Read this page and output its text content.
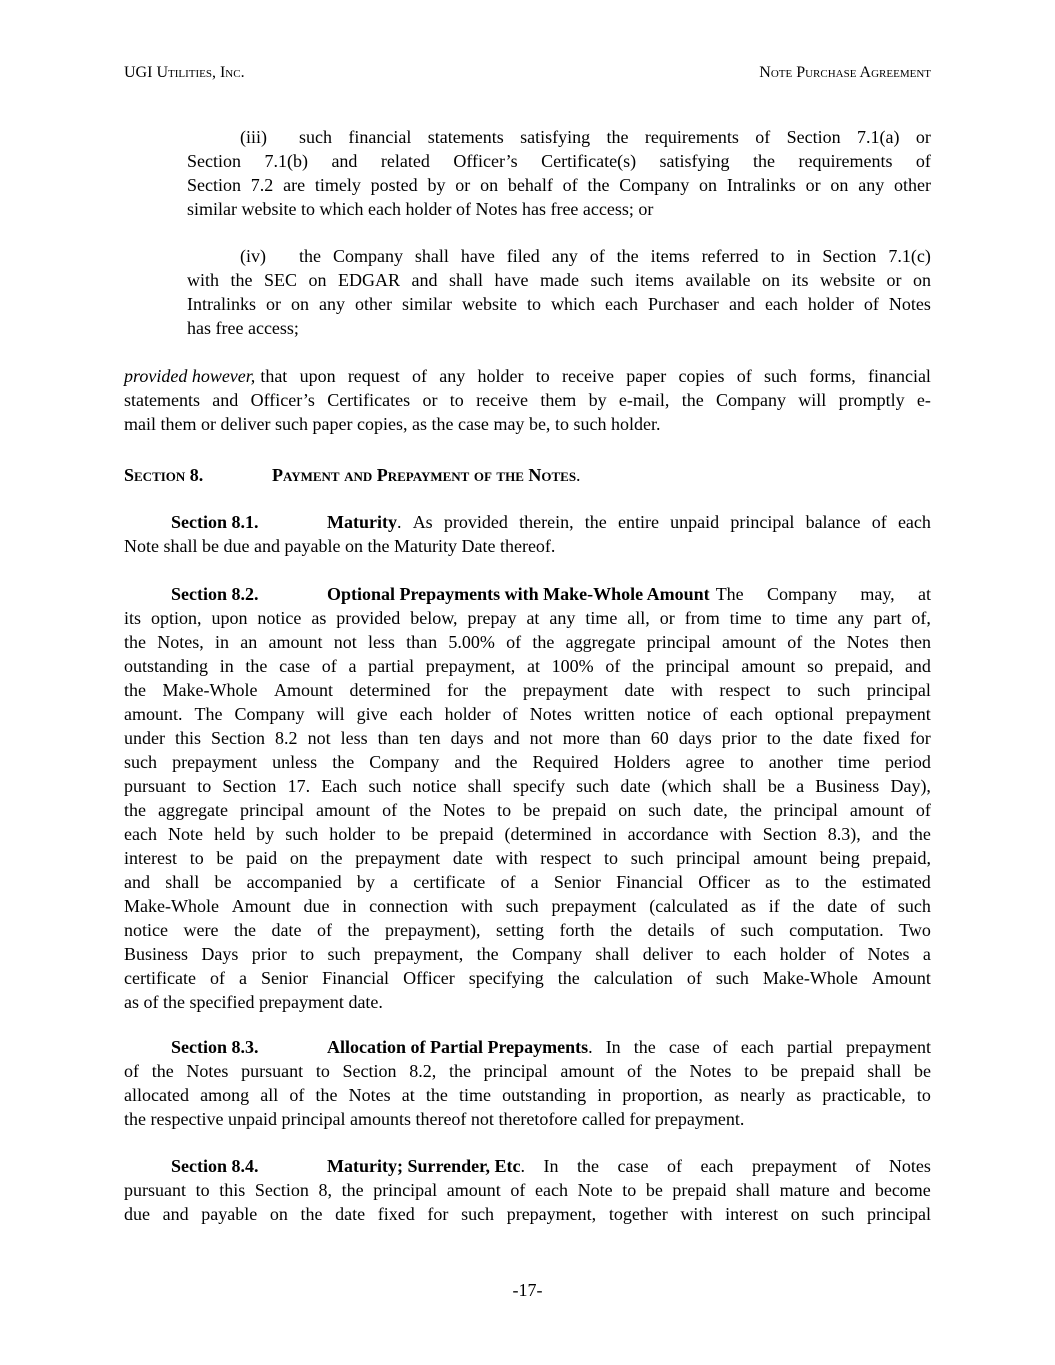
UGI Utilities, Inc.	Note Purchase Agreement
(iii)	such financial statements satisfying the requirements of Section 7.1(a) or
Section 7.1(b) and related Officer’s Certificate(s) satisfying the requirements of
Section 7.2 are timely posted by or on behalf of the Company on Intralinks or on any other
similar website to which each holder of Notes has free access; or
(iv)	the Company shall have filed any of the items referred to in Section 7.1(c)
with the SEC on EDGAR and shall have made such items available on its website or on
Intralinks or on any other similar website to which each Purchaser and each holder of Notes
has free access;
provided however, that upon request of any holder to receive paper copies of such forms, financial
statements and Officer’s Certificates or to receive them by e-mail, the Company will promptly e-
mail them or deliver such paper copies, as the case may be, to such holder.
Section 8.	Payment and Prepayment of the Notes.
Section 8.1.	Maturity . As provided therein, the entire unpaid principal balance of each
Note shall be due and payable on the Maturity Date thereof.
Section 8.2.	Optional Prepayments with Make-Whole Amount The Company may, at
its option, upon notice as provided below, prepay at any time all, or from time to time any part of,
the Notes, in an amount not less than 5.00% of the aggregate principal amount of the Notes then
outstanding in the case of a partial prepayment, at 100% of the principal amount so prepaid, and
the Make-Whole Amount determined for the prepayment date with respect to such principal
amount. The Company will give each holder of Notes written notice of each optional prepayment
under this Section 8.2 not less than ten days and not more than 60 days prior to the date fixed for
such prepayment unless the Company and the Required Holders agree to another time period
pursuant to Section 17. Each such notice shall specify such date (which shall be a Business Day),
the aggregate principal amount of the Notes to be prepaid on such date, the principal amount of
each Note held by such holder to be prepaid (determined in accordance with Section 8.3), and the
interest to be paid on the prepayment date with respect to such principal amount being prepaid,
and shall be accompanied by a certificate of a Senior Financial Officer as to the estimated
Make-Whole Amount due in connection with such prepayment (calculated as if the date of such
notice were the date of the prepayment), setting forth the details of such computation. Two
Business Days prior to such prepayment, the Company shall deliver to each holder of Notes a
certificate of a Senior Financial Officer specifying the calculation of such Make-Whole Amount
as of the specified prepayment date.
Section 8.3.	Allocation of Partial Prepayments . In the case of each partial prepayment
of the Notes pursuant to Section 8.2, the principal amount of the Notes to be prepaid shall be
allocated among all of the Notes at the time outstanding in proportion, as nearly as practicable, to
the respective unpaid principal amounts thereof not theretofore called for prepayment.
Section 8.4.	Maturity; Surrender, Etc . In the case of each prepayment of Notes
pursuant to this Section 8, the principal amount of each Note to be prepaid shall mature and become
due and payable on the date fixed for such prepayment, together with interest on such principal
-17-
